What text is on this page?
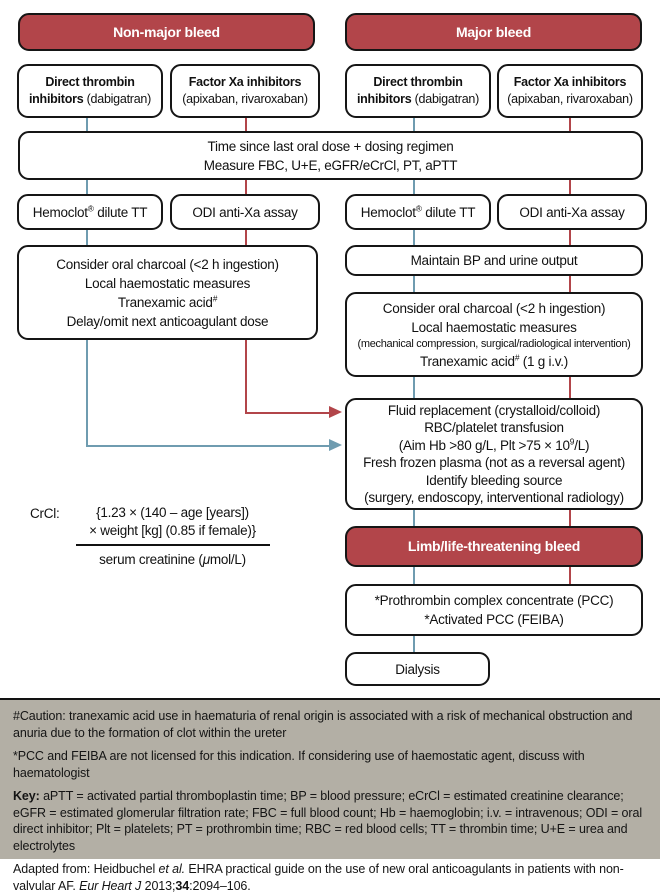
Non-major bleed	Major bleed
Direct thrombin inhibitors (dabigatran)
Factor Xa inhibitors (apixaban, rivaroxaban)
Direct thrombin inhibitors (dabigatran)
Factor Xa inhibitors (apixaban, rivaroxaban)
Time since last oral dose + dosing regimen
Measure FBC, U+E, eGFR/eCrCl, PT, aPTT
Hemoclot® dilute TT	ODI anti-Xa assay	Hemoclot® dilute TT	ODI anti-Xa assay
Consider oral charcoal (<2 h ingestion)
Local haemostatic measures
Tranexamic acid#
Delay/omit next anticoagulant dose
Maintain BP and urine output
Consider oral charcoal (<2 h ingestion)
Local haemostatic measures
(mechanical compression, surgical/radiological intervention)
Tranexamic acid# (1 g i.v.)
Fluid replacement (crystalloid/colloid)
RBC/platelet transfusion
(Aim Hb >80 g/L, Plt $>75 \times 10^9/L$)
Fresh frozen plasma (not as a reversal agent)
Identify bleeding source
(surgery, endoscopy, interventional radiology)
CrCl:	{1.23 × (140 – age [years])
× weight [kg] (0.85 if female)}
serum creatinine (μmol/L)
Limb/life-threatening bleed
*Prothrombin complex concentrate (PCC)
*Activated PCC (FEIBA)
Dialysis

#Caution: tranexamic acid use in haematuria of renal origin is associated with a risk of mechanical obstruction and anuria due to the formation of clot within the ureter

*PCC and FEIBA are not licensed for this indication. If considering use of haemostatic agent, discuss with haematologist

Key: aPTT = activated partial thromboplastin time; BP = blood pressure; eCrCl = estimated creatinine clearance; eGFR = estimated glomerular filtration rate; FBC = full blood count; Hb = haemoglobin; i.v. = intravenous; ODI = oral direct inhibitor; Plt = platelets; PT = prothrombin time; RBC = red blood cells; TT = thrombin time; U+E = urea and electrolytes

Adapted from: Heidbuchel et al. EHRA practical guide on the use of new oral anticoagulants in patients with non-valvular AF. Eur Heart J 2013;34:2094–106.
